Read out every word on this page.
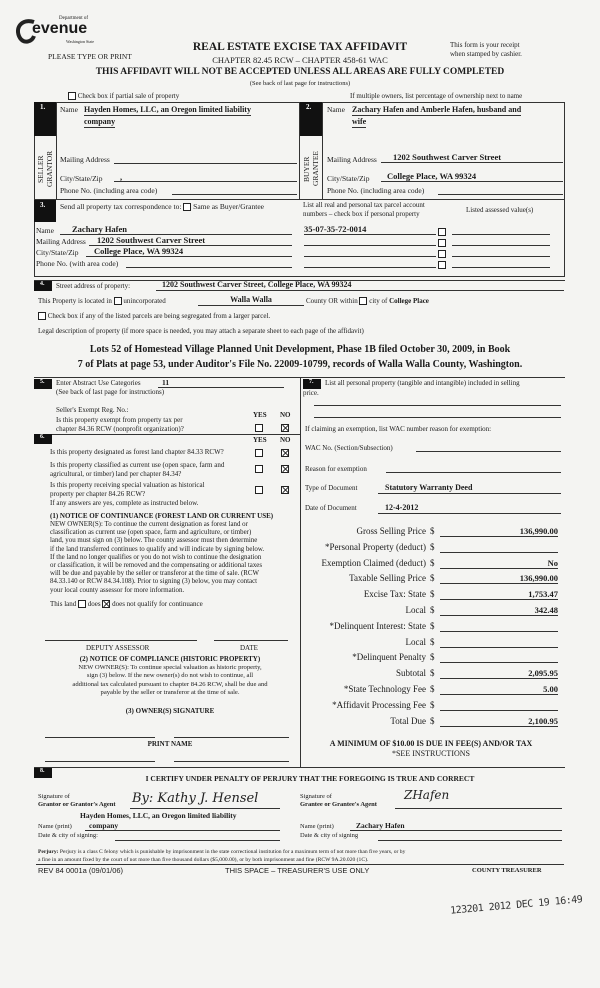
Department of
evenue
Washington State
PLEASE TYPE OR PRINT
REAL ESTATE EXCISE TAX AFFIDAVIT
CHAPTER 82.45 RCW – CHAPTER 458-61 WAC
This form is your receipt
when stamped by cashier.
THIS AFFIDAVIT WILL NOT BE ACCEPTED UNLESS ALL AREAS ARE FULLY COMPLETED
(See back of last page for instructions)
Check box if partial sale of property	If multiple owners, list percentage of ownership next to name
1.
SELLER
GRANTOR
Name Hayden Homes, LLC, an Oregon limited liability
company
Mailing Address
City/State/Zip	,
Phone No. (including area code)
2.
BUYER
GRANTEE
Name Zachary Hafen and Amberle Hafen, husband and
wife
Mailing Address	1202 Southwest Carver Street
City/State/Zip	College Place, WA 99324
Phone No. (including area code)
3.	Send all property tax correspondence to: Same as Buyer/Grantee	List all real and personal tax parcel account
numbers – check box if personal property	Listed assessed value(s)
Name	Zachary Hafen
Mailing Address	1202 Southwest Carver Street
City/State/Zip	College Place, WA 99324
Phone No. (with area code)
35-07-35-72-0014
4.	Street address of property:	1202 Southwest Carver Street, College Place, WA 99324
This Property is located in unincorporated	Walla Walla	County OR within city of College Place
Check box if any of the listed parcels are being segregated from a larger parcel.
Legal description of property (if more space is needed, you may attach a separate sheet to each page of the affidavit)
Lots 52 of Homestead Village Planned Unit Development, Phase 1B filed October 30, 2009, in Book
7 of Plats at page 53, under Auditor's File No. 22009-10799, records of Walla Walla County, Washington.
5.	Enter Abstract Use Categories
(See back of last page for instructions)
11
Seller's Exempt Reg. No.:
Is this property exempt from property tax per
chapter 84.36 RCW (nonprofit organization)?
YES NO
6.	YES NO
Is this property designated as forest land chapter 84.33 RCW?
Is this property classified as current use (open space, farm and
agricultural, or timber) land per chapter 84.34?
Is this property receiving special valuation as historical
property per chapter 84.26 RCW?
If any answers are yes, complete as instructed below.
(1) NOTICE OF CONTINUANCE (FOREST LAND OR CURRENT USE)
NEW OWNER(S): To continue the current designation as forest land or
classification as current use (open space, farm and agriculture, or timber)
land, you must sign on (3) below. The county assessor must then determine
if the land transferred continues to qualify and will indicate by signing below.
If the land no longer qualifies or you do not wish to continue the designation
or classification, it will be removed and the compensating or additional taxes
will be due and payable by the seller or transferor at the time of sale. (RCW
84.33.140 or RCW 84.34.108). Prior to signing (3) below, you may contact
your local county assessor for more information.
This land does does not qualify for continuance
DEPUTY ASSESSOR	DATE
(2) NOTICE OF COMPLIANCE (HISTORIC PROPERTY)
NEW OWNER(S): To continue special valuation as historic property,
sign (3) below. If the new owner(s) do not wish to continue, all
additional tax calculated pursuant to chapter 84.26 RCW, shall be due and
payable by the seller or transferor at the time of sale.
(3) OWNER(S) SIGNATURE
PRINT NAME
7.	List all personal property (tangible and intangible) included in selling
price.
If claiming an exemption, list WAC number reason for exemption:
WAC No. (Section/Subsection)
Reason for exemption
Type of Document	Statutory Warranty Deed
Date of Document	12-4-2012
Gross Selling Price $	136,990.00
*Personal Property (deduct) $
Exemption Claimed (deduct) $	No
Taxable Selling Price $	136,990.00
Excise Tax: State $	1,753.47
Local $	342.48
*Delinquent Interest: State $
Local $
*Delinquent Penalty $
Subtotal $	2,095.95
*State Technology Fee $	5.00
*Affidavit Processing Fee $
Total Due $	2,100.95
A MINIMUM OF $10.00 IS DUE IN FEE(S) AND/OR TAX
*SEE INSTRUCTIONS
8.
I CERTIFY UNDER PENALTY OF PERJURY THAT THE FOREGOING IS TRUE AND CORRECT
Signature of
Grantor or Grantor's Agent By: Kathy J. Hensel
Hayden Homes, LLC, an Oregon limited liability
Name (print)	company
Date & city of signing:
Signature of
Grantee or Grantee's Agent
ZHafen
Name (print)	Zachary Hafen
Date & city of signing
Perjury: Perjury is a class C felony which is punishable by imprisonment in the state correctional institution for a maximum term of not more than five years, or by
a fine in an amount fixed by the court of not more than five thousand dollars ($5,000.00), or by both imprisonment and fine (RCW 9A.20.020 (1C).
REV 84 0001a (09/01/06)	THIS SPACE – TREASURER'S USE ONLY	COUNTY TREASURER
123201 2012 DEC 19 16:49
